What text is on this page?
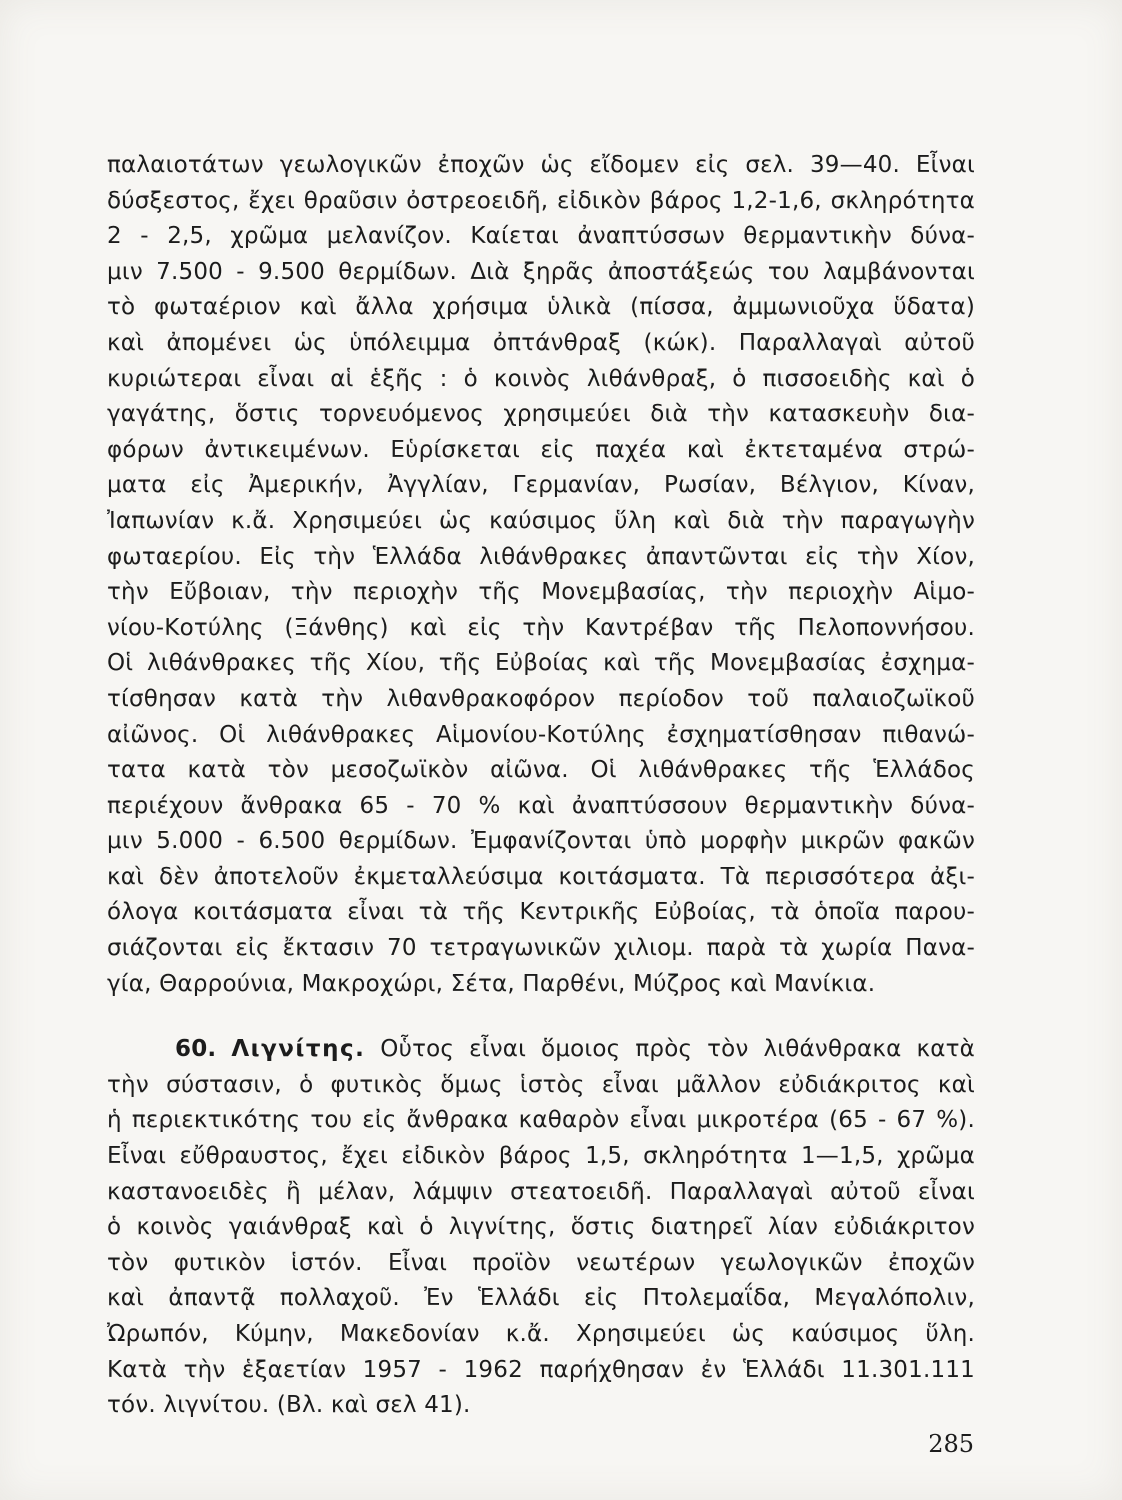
παλαιοτάτων γεωλογικῶν ἐποχῶν ὡς εἴδομεν εἰς σελ. 39—40. Εἶναι
δύσξεστος, ἔχει θραῦσιν ὀστρεοειδῆ, εἰδικὸν βάρος 1,2-1,6, σκληρότητα
2 - 2,5, χρῶμα μελανίζον. Καίεται ἀναπτύσσων θερμαντικὴν δύνα-
μιν 7.500 - 9.500 θερμίδων. Διὰ ξηρᾶς ἀποστάξεώς του λαμβάνονται
τὸ φωταέριον καὶ ἄλλα χρήσιμα ὑλικὰ (πίσσα, ἀμμωνιοῦχα ὕδατα)
καὶ ἀπομένει ὡς ὑπόλειμμα ὀπτάνθραξ (κώκ). Παραλλαγαὶ αὐτοῦ
κυριώτεραι εἶναι αἱ ἑξῆς : ὁ κοινὸς λιθάνθραξ, ὁ πισσοειδὴς καὶ ὁ
γαγάτης, ὅστις τορνευόμενος χρησιμεύει διὰ τὴν κατασκευὴν δια-
φόρων ἀντικειμένων. Εὑρίσκεται εἰς παχέα καὶ ἐκτεταμένα στρώ-
ματα εἰς Ἀμερικήν, Ἀγγλίαν, Γερμανίαν, Ρωσίαν, Βέλγιον, Κίναν,
Ἰαπωνίαν κ.ἄ. Χρησιμεύει ὡς καύσιμος ὕλη καὶ διὰ τὴν παραγωγὴν
φωταερίου. Εἰς τὴν Ἑλλάδα λιθάνθρακες ἀπαντῶνται εἰς τὴν Χίον,
τὴν Εὔβοιαν, τὴν περιοχὴν τῆς Μονεμβασίας, τὴν περιοχὴν Αἱμο-
νίου-Κοτύλης (Ξάνθης) καὶ εἰς τὴν Καντρέβαν τῆς Πελοποννήσου.
Οἱ λιθάνθρακες τῆς Χίου, τῆς Εὐβοίας καὶ τῆς Μονεμβασίας ἐσχημα-
τίσθησαν κατὰ τὴν λιθανθρακοφόρον περίοδον τοῦ παλαιοζωϊκοῦ
αἰῶνος. Οἱ λιθάνθρακες Αἱμονίου-Κοτύλης ἐσχηματίσθησαν πιθανώ-
τατα κατὰ τὸν μεσοζωϊκὸν αἰῶνα. Οἱ λιθάνθρακες τῆς Ἑλλάδος
περιέχουν ἄνθρακα 65 - 70 % καὶ ἀναπτύσσουν θερμαντικὴν δύνα-
μιν 5.000 - 6.500 θερμίδων. Ἐμφανίζονται ὑπὸ μορφὴν μικρῶν φακῶν
καὶ δὲν ἀποτελοῦν ἐκμεταλλεύσιμα κοιτάσματα. Τὰ περισσότερα ἀξι-
όλογα κοιτάσματα εἶναι τὰ τῆς Κεντρικῆς Εὐβοίας, τὰ ὁποῖα παρου-
σιάζονται εἰς ἔκτασιν 70 τετραγωνικῶν χιλιομ. παρὰ τὰ χωρία Πανα-
γία, Θαρρούνια, Μακροχώρι, Σέτα, Παρθένι, Μύζρος καὶ Μανίκια.
60. Λιγνίτης. Οὗτος εἶναι ὅμοιος πρὸς τὸν λιθάνθρακα κατὰ
τὴν σύστασιν, ὁ φυτικὸς ὅμως ἱστὸς εἶναι μᾶλλον εὐδιάκριτος καὶ
ἡ περιεκτικότης του εἰς ἄνθρακα καθαρὸν εἶναι μικροτέρα (65 - 67 %).
Εἶναι εὔθραυστος, ἔχει εἰδικὸν βάρος 1,5, σκληρότητα 1—1,5, χρῶμα
καστανοειδὲς ἢ μέλαν, λάμψιν στεατοειδῆ. Παραλλαγαὶ αὐτοῦ εἶναι
ὁ κοινὸς γαιάνθραξ καὶ ὁ λιγνίτης, ὅστις διατηρεῖ λίαν εὐδιάκριτον
τὸν φυτικὸν ἱστόν. Εἶναι προϊὸν νεωτέρων γεωλογικῶν ἐποχῶν
καὶ ἀπαντᾷ πολλαχοῦ. Ἐν Ἑλλάδι εἰς Πτολεμαΐδα, Μεγαλόπολιν,
Ὠρωπόν, Κύμην, Μακεδονίαν κ.ἄ. Χρησιμεύει ὡς καύσιμος ὕλη.
Κατὰ τὴν ἑξαετίαν 1957 - 1962 παρήχθησαν ἐν Ἑλλάδι 11.301.111
τόν. λιγνίτου. (Βλ. καὶ σελ 41).
285
